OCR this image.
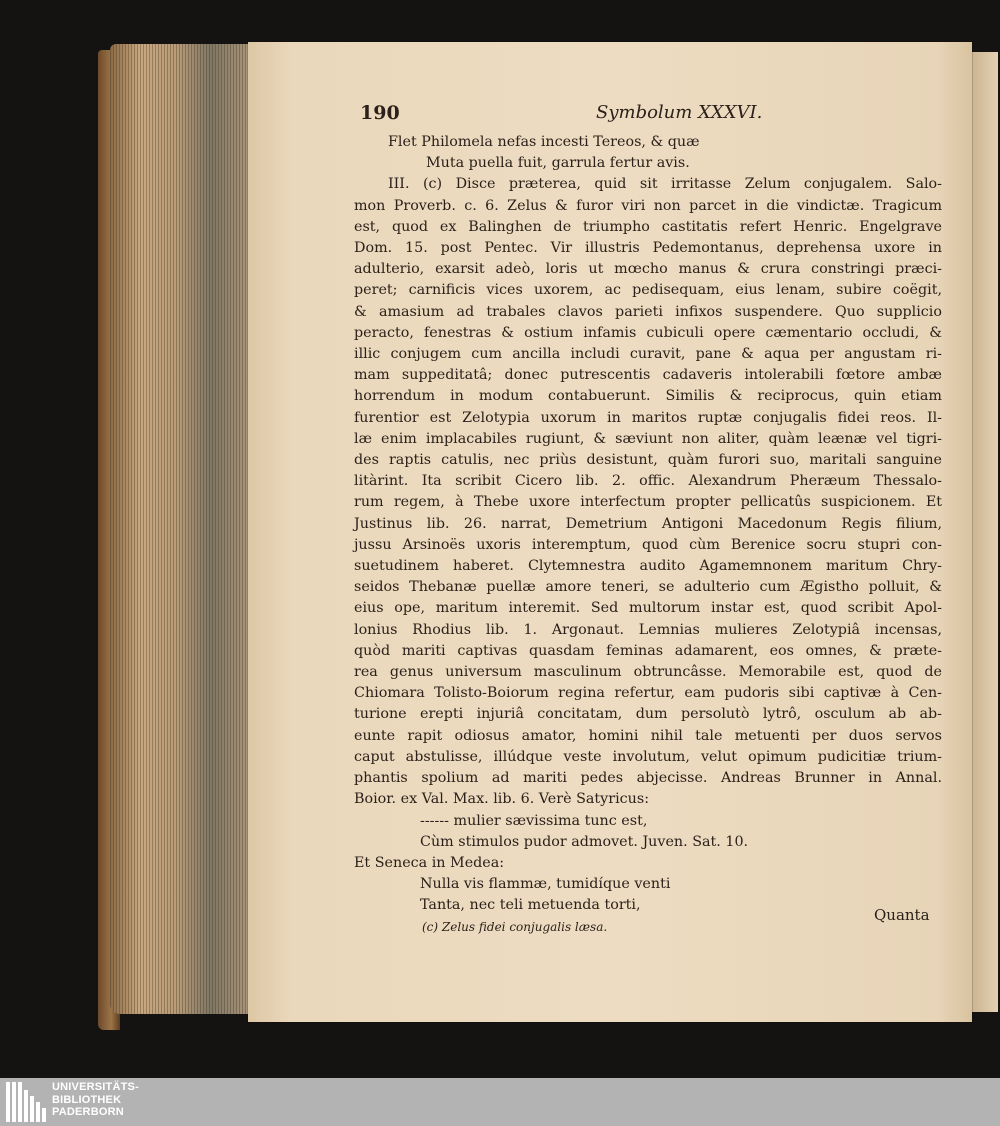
190	Symbolum XXXVI.
Flet Philomela nefas incesti Tereos, & quæ
Muta puella fuit, garrula fertur avis.
III. (c) Disce præterea, quid sit irritasse Zelum conjugalem. Salo-
mon Proverb. c. 6. Zelus & furor viri non parcet in die vindictæ. Tragicum
est, quod ex Balinghen de triumpho castitatis refert Henric. Engelgrave
Dom. 15. post Pentec. Vir illustris Pedemontanus, deprehensa uxore in
adulterio, exarsit adeò, loris ut mœcho manus & crura constringi præci-
peret; carnificis vices uxorem, ac pedisequam, eius lenam, subire coëgit,
& amasium ad trabales clavos parieti infixos suspendere. Quo supplicio
peracto, fenestras & ostium infamis cubiculi opere cæmentario occludi, &
illic conjugem cum ancilla includi curavit, pane & aqua per angustam ri-
mam suppeditatâ; donec putrescentis cadaveris intolerabili fœtore ambæ
horrendum in modum contabuerunt. Similis & reciprocus, quin etiam
furentior est Zelotypia uxorum in maritos ruptæ conjugalis fidei reos. Il-
læ enim implacabiles rugiunt, & sæviunt non aliter, quàm leænæ vel tigri-
des raptis catulis, nec priùs desistunt, quàm furori suo, maritali sanguine
litàrint. Ita scribit Cicero lib. 2. offic. Alexandrum Pheræum Thessalo-
rum regem, à Thebe uxore interfectum propter pellicatûs suspicionem. Et
Justinus lib. 26. narrat, Demetrium Antigoni Macedonum Regis filium,
jussu Arsinoës uxoris interemptum, quod cùm Berenice socru stupri con-
suetudinem haberet. Clytemnestra audito Agamemnonem maritum Chry-
seidos Thebanæ puellæ amore teneri, se adulterio cum Ægistho polluit, &
eius ope, maritum interemit. Sed multorum instar est, quod scribit Apol-
lonius Rhodius lib. 1. Argonaut. Lemnias mulieres Zelotypiâ incensas,
quòd mariti captivas quasdam feminas adamarent, eos omnes, & præte-
rea genus universum masculinum obtruncâsse. Memorabile est, quod de
Chiomara Tolisto-Boiorum regina refertur, eam pudoris sibi captivæ à Cen-
turione erepti injuriâ concitatam, dum persolutò lytrô, osculum ab ab-
eunte rapit odiosus amator, homini nihil tale metuenti per duos servos
caput abstulisse, illúdque veste involutum, velut opimum pudicitiæ trium-
phantis spolium ad mariti pedes abjecisse. Andreas Brunner in Annal.
Boior. ex Val. Max. lib. 6. Verè Satyricus:
------ mulier sævissima tunc est,
Cùm stimulos pudor admovet. Juven. Sat. 10.
Et Seneca in Medea:
Nulla vis flammæ, tumidíque venti
Tanta, nec teli metuenda torti,
Quanta
(c) Zelus fidei conjugalis læsa.
UNIVERSITÄTS-
BIBLIOTHEK
PADERBORN
